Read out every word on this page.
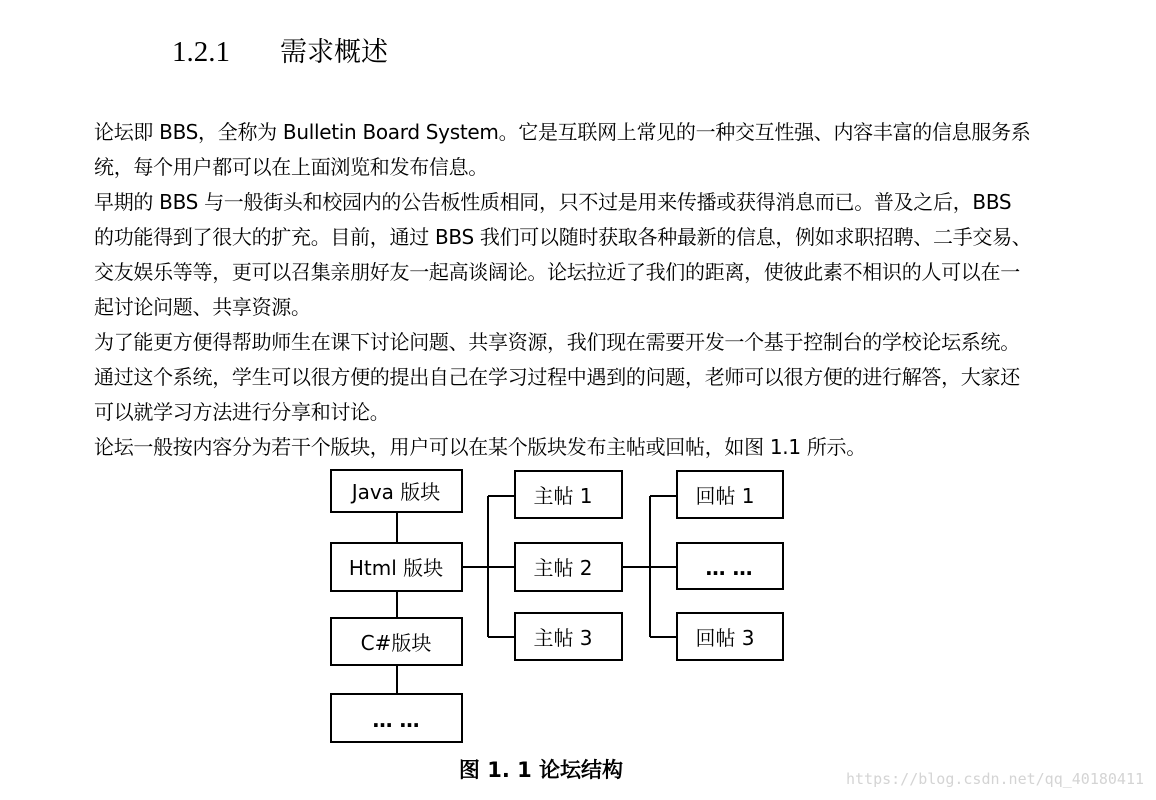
1.2.1	需求概述

论坛即 BBS，全称为 Bulletin Board System。它是互联网上常见的一种交互性强、内容丰富的信息服务系统，每个用户都可以在上面浏览和发布信息。

早期的 BBS 与一般街头和校园内的公告板性质相同，只不过是用来传播或获得消息而已。普及之后，BBS 的功能得到了很大的扩充。目前，通过 BBS 我们可以随时获取各种最新的信息，例如求职招聘、二手交易、交友娱乐等等，更可以召集亲朋好友一起高谈阔论。论坛拉近了我们的距离，使彼此素不相识的人可以在一起讨论问题、共享资源。

为了能更方便得帮助师生在课下讨论问题、共享资源，我们现在需要开发一个基于控制台的学校论坛系统。通过这个系统，学生可以很方便的提出自己在学习过程中遇到的问题，老师可以很方便的进行解答，大家还可以就学习方法进行分享和讨论。

论坛一般按内容分为若干个版块，用户可以在某个版块发布主帖或回帖，如图 1.1 所示。

Java 版块
Html 版块
C#版块
… …
主帖 1
主帖 2
主帖 3
回帖 1
… …
回帖 3
图 1. 1 论坛结构	https://blog.csdn.net/qq_40180411
